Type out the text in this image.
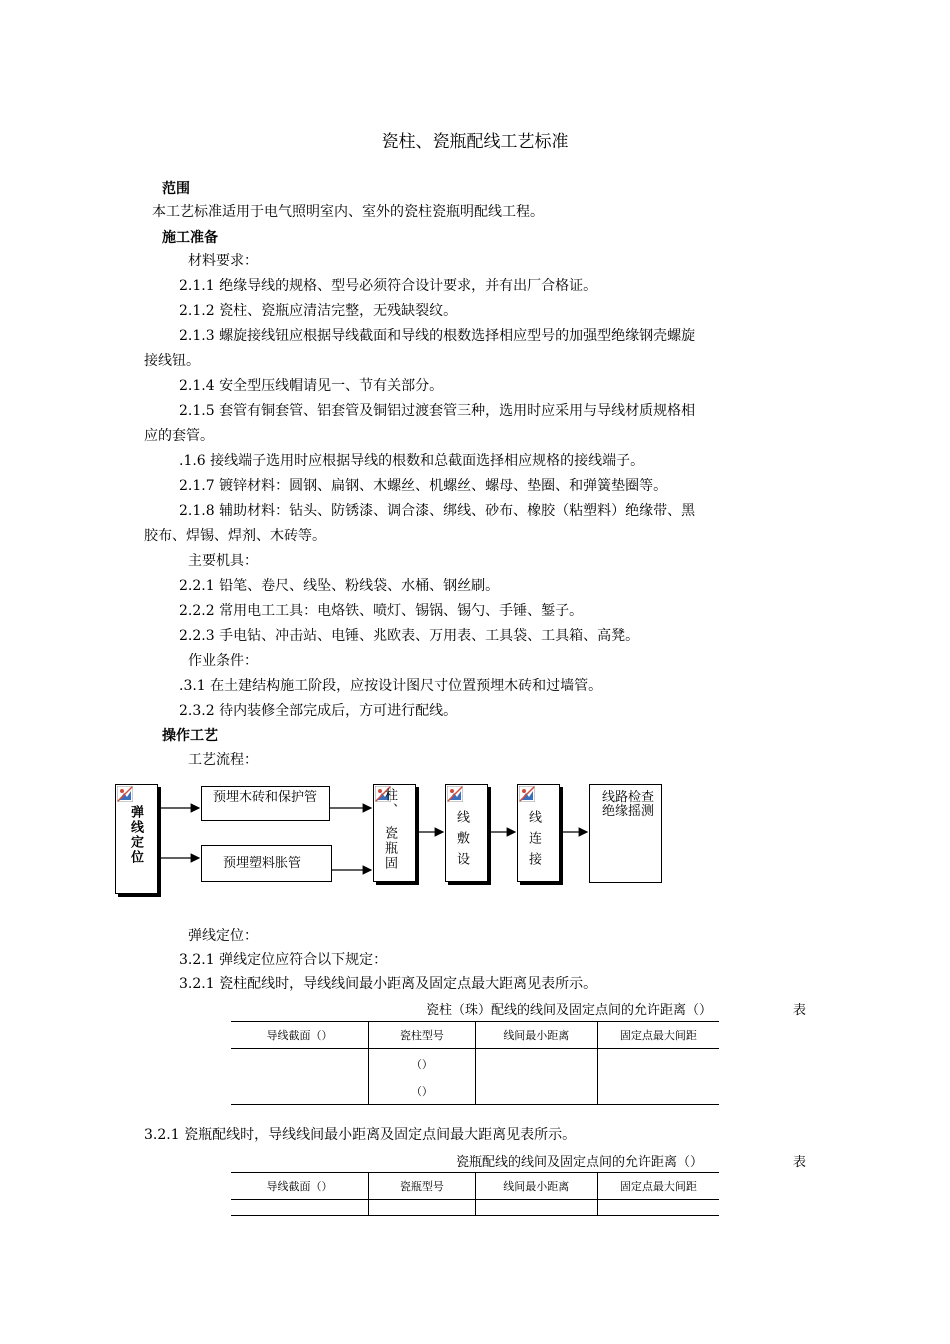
瓷柱、瓷瓶配线工艺标准
范围
本工艺标准适用于电气照明室内、室外的瓷柱瓷瓶明配线工程。
施工准备
材料要求：
2.1.1 绝缘导线的规格、型号必须符合设计要求，并有出厂合格证。
2.1.2 瓷柱、瓷瓶应清洁完整，无残缺裂纹。
2.1.3 螺旋接线钮应根据导线截面和导线的根数选择相应型号的加强型绝缘钢壳螺旋
接线钮。
2.1.4 安全型压线帽请见一、节有关部分。
2.1.5 套管有铜套管、铝套管及铜铝过渡套管三种，选用时应采用与导线材质规格相
应的套管。
.1.6 接线端子选用时应根据导线的根数和总截面选择相应规格的接线端子。
2.1.7 镀锌材料：圆钢、扁钢、木螺丝、机螺丝、螺母、垫圈、和弹簧垫圈等。
2.1.8 辅助材料：钻头、防锈漆、调合漆、绑线、砂布、橡胶（粘塑料）绝缘带、黑
胶布、焊锡、焊剂、木砖等。
主要机具：
2.2.1 铅笔、卷尺、线坠、粉线袋、水桶、钢丝刷。
2.2.2 常用电工工具：电烙铁、喷灯、锡锅、锡勺、手锤、錾子。
2.2.3 手电钻、冲击站、电锤、兆欧表、万用表、工具袋、工具箱、高凳。
作业条件：
.3.1 在土建结构施工阶段，应按设计图尺寸位置预埋木砖和过墙管。
2.3.2 待内装修全部完成后，方可进行配线。
操作工艺
工艺流程：
弹线定位
预埋木砖和保护管
预埋塑料胀管
柱、
瓷瓶固	线敷设	线连接
线路检查绝缘摇测
弹线定位：
3.2.1 弹线定位应符合以下规定：
3.2.1 瓷柱配线时，导线线间最小距离及固定点最大距离见表所示。
瓷柱（珠）配线的线间及固定点间的允许距离（）	表
导线截面（）	瓷柱型号	线间最小距离	固定点最大间距
	（）		
	（）		
3.2.1 瓷瓶配线时，导线线间最小距离及固定点间最大距离见表所示。
瓷瓶配线的线间及固定点间的允许距离（）	表
导线截面（）	瓷瓶型号	线间最小距离	固定点最大间距
